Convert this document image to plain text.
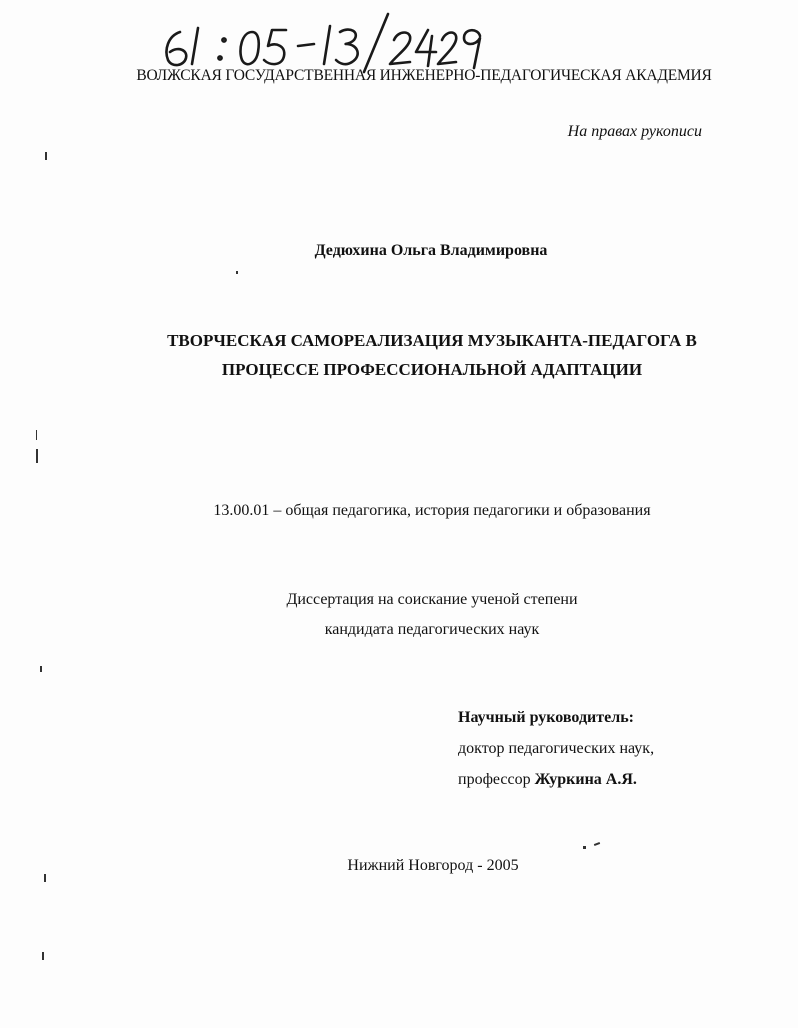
ВОЛЖСКАЯ ГОСУДАРСТВЕННАЯ ИНЖЕНЕРНО-ПЕДАГОГИЧЕСКАЯ АКАДЕМИЯ
На правах рукописи
Дедюхина Ольга Владимировна
ТВОРЧЕСКАЯ САМОРЕАЛИЗАЦИЯ МУЗЫКАНТА-ПЕДАГОГА В ПРОЦЕССЕ ПРОФЕССИОНАЛЬНОЙ АДАПТАЦИИ
13.00.01 – общая педагогика, история педагогики и образования
Диссертация на соискание ученой степени
кандидата педагогических наук
Научный руководитель:
доктор педагогических наук,
профессор Журкина А.Я.
Нижний Новгород - 2005
